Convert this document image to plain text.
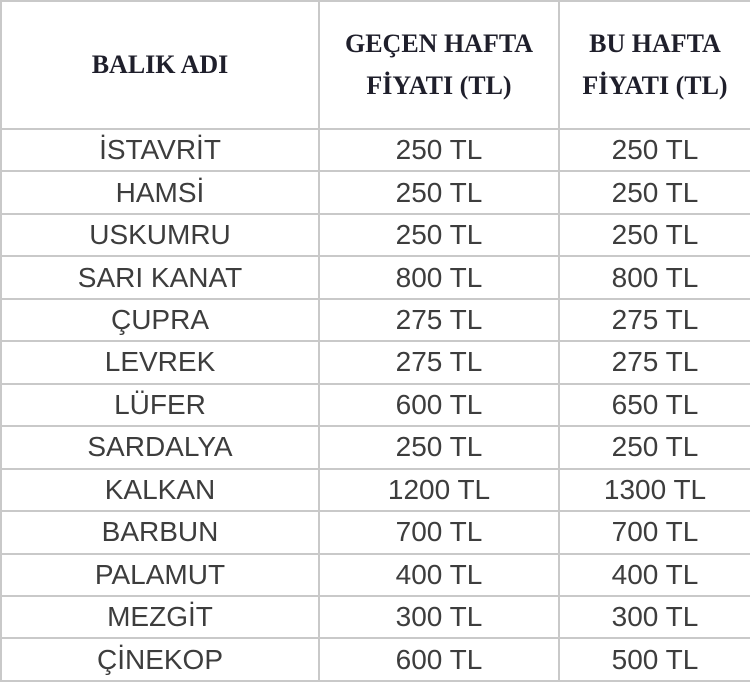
BALIK ADI	GEÇEN HAFTA FİYATI (TL)	BU HAFTA FİYATI (TL)
İSTAVRİT	250 TL	250 TL
HAMSİ	250 TL	250 TL
USKUMRU	250 TL	250 TL
SARI KANAT	800 TL	800 TL
ÇUPRA	275 TL	275 TL
LEVREK	275 TL	275 TL
LÜFER	600 TL	650 TL
SARDALYA	250 TL	250 TL
KALKAN	1200 TL	1300 TL
BARBUN	700 TL	700 TL
PALAMUT	400 TL	400 TL
MEZGİT	300 TL	300 TL
ÇİNEKOP	600 TL	500 TL
